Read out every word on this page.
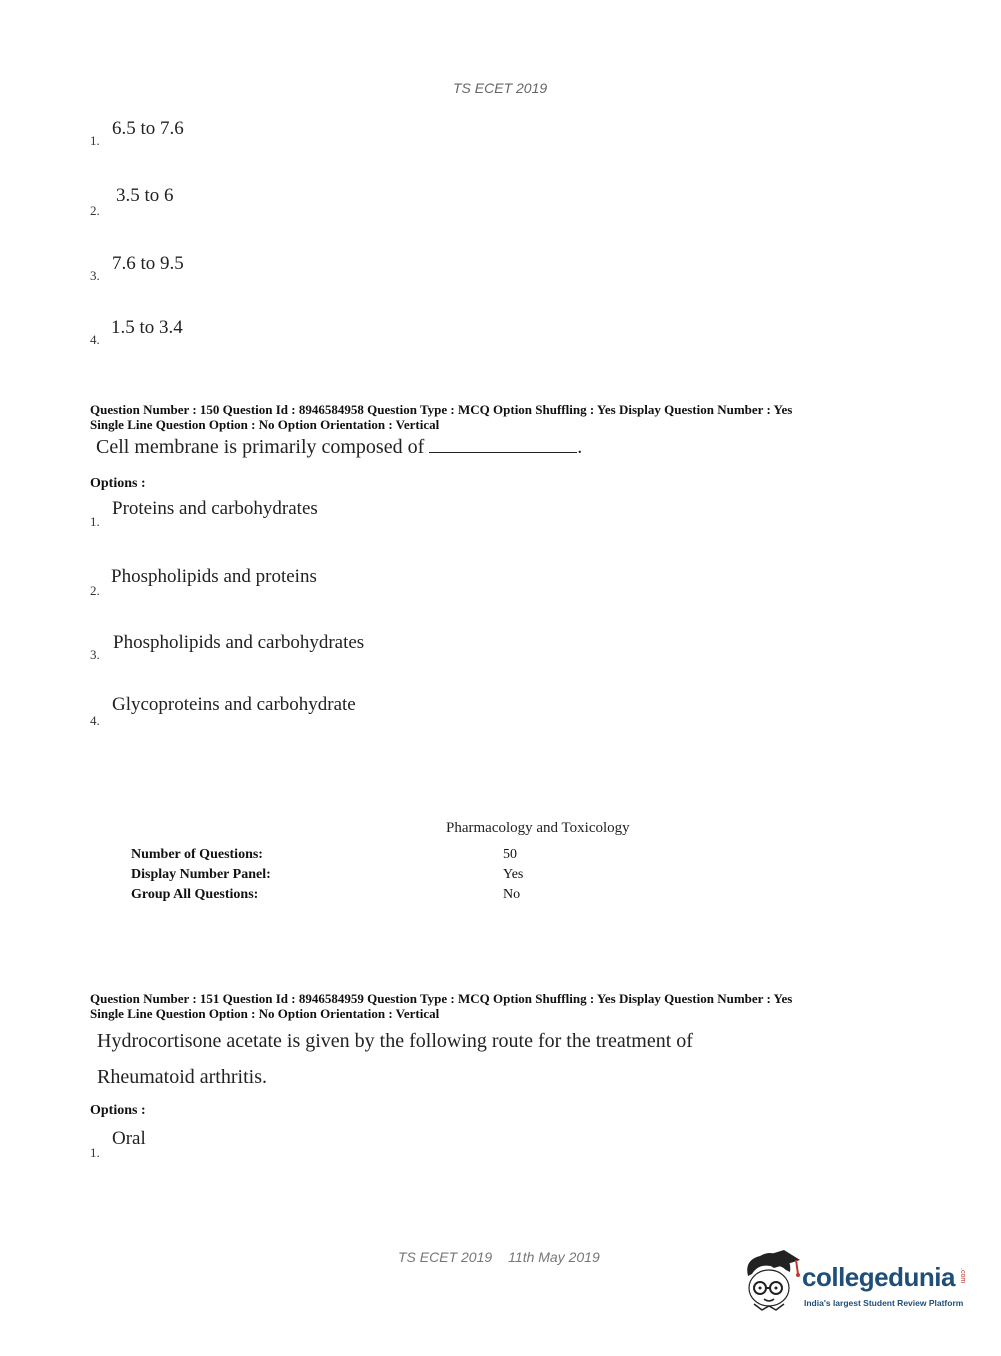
TS ECET 2019
1.
6.5 to 7.6
2.
3.5 to 6
3.
7.6 to 9.5
4.
1.5 to 3.4
Question Number : 150 Question Id : 8946584958 Question Type : MCQ Option Shuffling : Yes Display Question Number : Yes
Single Line Question Option : No Option Orientation : Vertical
Cell membrane is primarily composed of	.
Options :
1.
Proteins and carbohydrates
2.
Phospholipids and proteins
3.
Phospholipids and carbohydrates
4.
Glycoproteins and carbohydrate
Pharmacology and Toxicology
Number of Questions:	50
Display Number Panel:	Yes
Group All Questions:	No
Question Number : 151 Question Id : 8946584959 Question Type : MCQ Option Shuffling : Yes Display Question Number : Yes
Single Line Question Option : No Option Orientation : Vertical
Hydrocortisone acetate is given by the following route for the treatment of
Rheumatoid arthritis.
Options :
1.
Oral
TS ECET 2019 11th May 2019
collegedunia .com
India's largest Student Review Platform
